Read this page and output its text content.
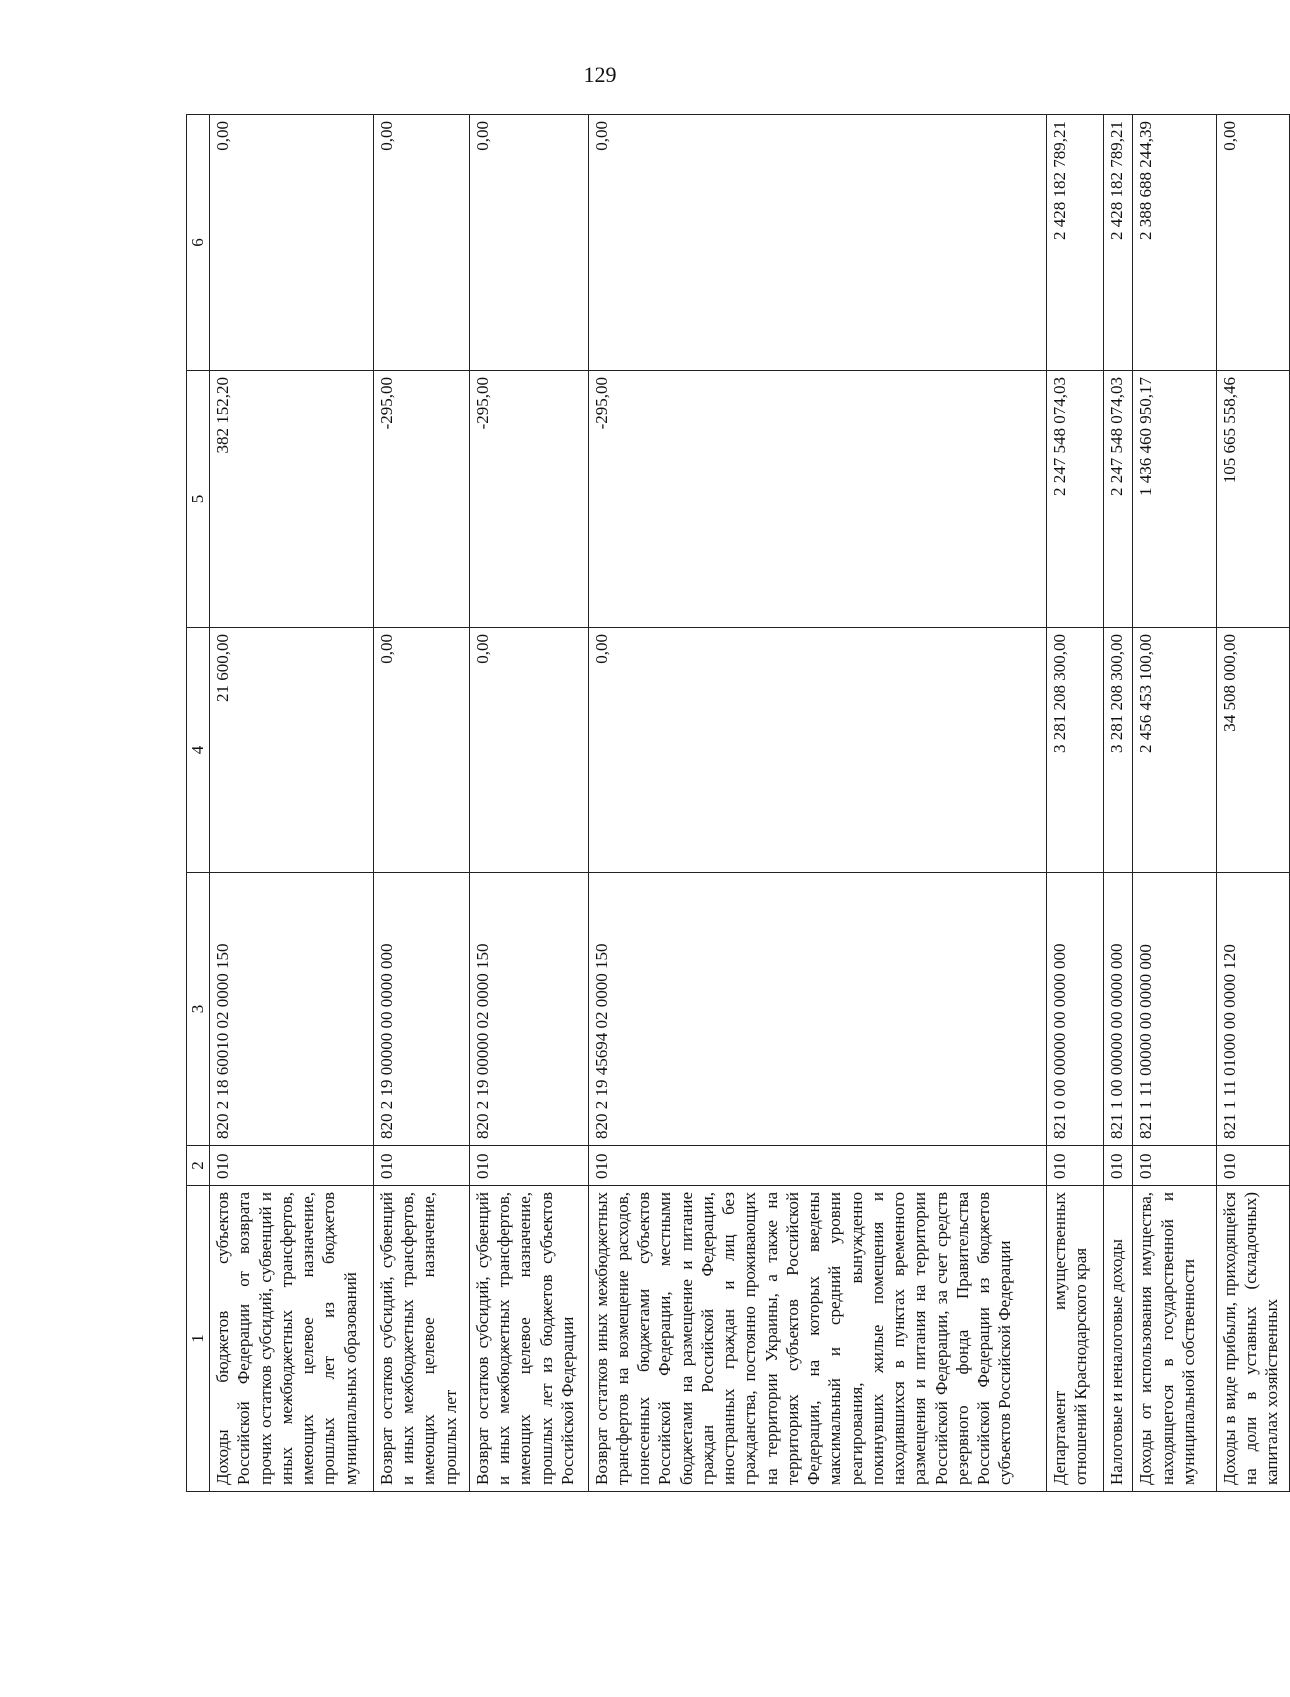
129
1	2	3	4	5	6
Доходы бюджетов субъектов Российской Федерации от возврата прочих остатков субсидий, субвенций и иных межбюджетных трансфертов, имеющих целевое назначение, прошлых лет из бюджетов муниципальных образований	010	820 2 18 60010 02 0000 150	21 600,00	382 152,20	0,00
Возврат остатков субсидий, субвенций и иных межбюджетных трансфертов, имеющих целевое назначение, прошлых лет	010	820 2 19 00000 00 0000 000	0,00	-295,00	0,00
Возврат остатков субсидий, субвенций и иных межбюджетных трансфертов, имеющих целевое назначение, прошлых лет из бюджетов субъектов Российской Федерации	010	820 2 19 00000 02 0000 150	0,00	-295,00	0,00
Возврат остатков иных межбюджетных трансфертов на возмещение расходов, понесенных бюджетами субъектов Российской Федерации, местными бюджетами на размещение и питание граждан Российской Федерации, иностранных граждан и лиц без гражданства, постоянно проживающих на территории Украины, а также на территориях субъектов Российской Федерации, на которых введены максимальный и средний уровни реагирования, вынужденно покинувших жилые помещения и находившихся в пунктах временного размещения и питания на территории Российской Федерации, за счет средств резервного фонда Правительства Российской Федерации из бюджетов субъектов Российской Федерации	010	820 2 19 45694 02 0000 150	0,00	-295,00	0,00
Департамент имущественных отношений Краснодарского края	010	821 0 00 00000 00 0000 000	3 281 208 300,00	2 247 548 074,03	2 428 182 789,21
Налоговые и неналоговые доходы	010	821 1 00 00000 00 0000 000	3 281 208 300,00	2 247 548 074,03	2 428 182 789,21
Доходы от использования имущества, находящегося в государственной и муниципальной собственности	010	821 1 11 00000 00 0000 000	2 456 453 100,00	1 436 460 950,17	2 388 688 244,39
Доходы в виде прибыли, приходящейся на доли в уставных (складочных) капиталах хозяйственных	010	821 1 11 01000 00 0000 120	34 508 000,00	105 665 558,46	0,00
